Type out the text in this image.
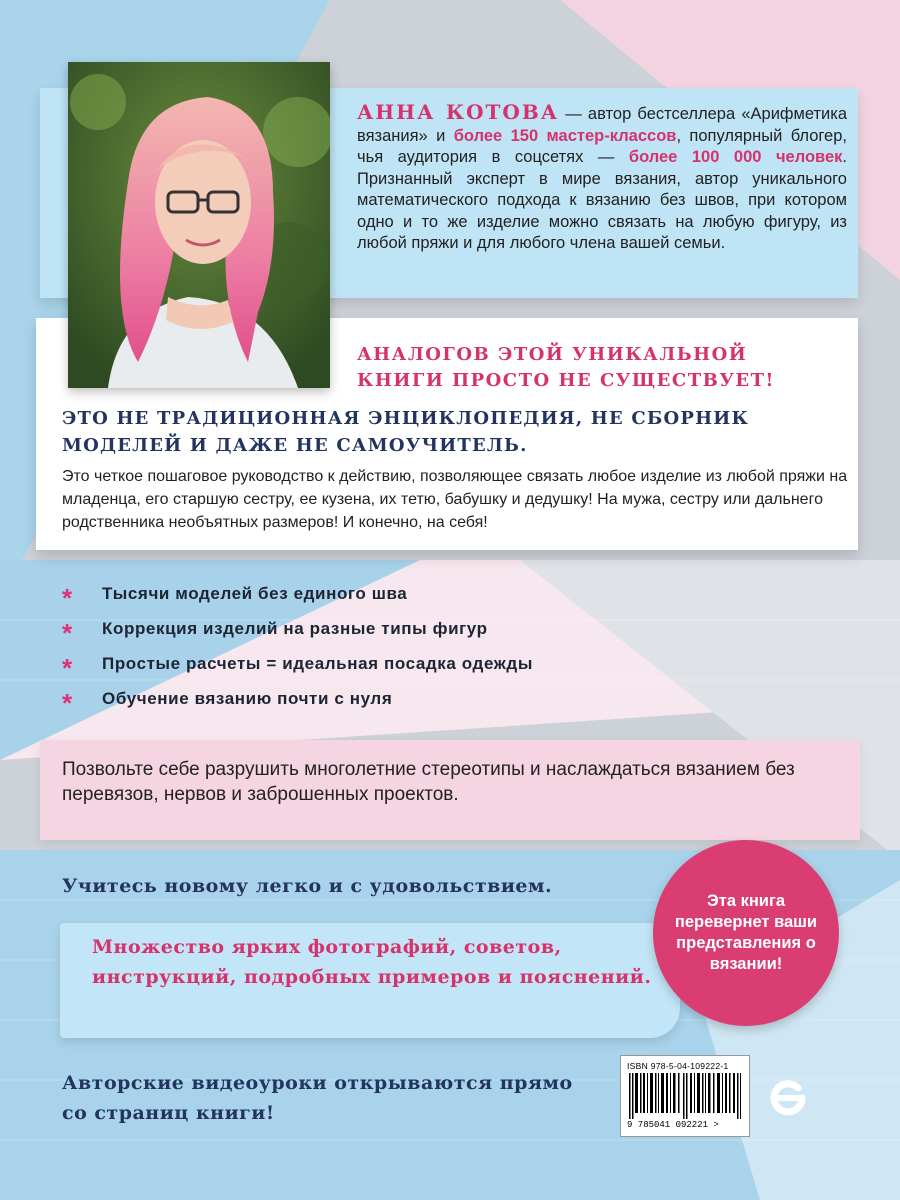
АННА КОТОВА — автор бестселлера «Арифметика вязания» и более 150 мастер-классов, популярный блогер, чья аудитория в соцсетях — более 100 000 человек. Признанный эксперт в мире вязания, автор уникального математического подхода к вязанию без швов, при котором одно и то же изделие можно связать на любую фигуру, из любой пряжи и для любого члена вашей семьи.
АНАЛОГОВ ЭТОЙ УНИКАЛЬНОЙ КНИГИ ПРОСТО НЕ СУЩЕСТВУЕТ!
ЭТО НЕ ТРАДИЦИОННАЯ ЭНЦИКЛОПЕДИЯ, НЕ СБОРНИК МОДЕЛЕЙ И ДАЖЕ НЕ САМОУЧИТЕЛЬ.
Это четкое пошаговое руководство к действию, позволяющее связать любое изделие из любой пряжи на младенца, его старшую сестру, ее кузена, их тетю, бабушку и дедушку! На мужа, сестру или дальнего родственника необъятных размеров! И конечно, на себя!
*	Тысячи моделей без единого шва
*	Коррекция изделий на разные типы фигур
*	Простые расчеты = идеальная посадка одежды
*	Обучение вязанию почти с нуля
Позвольте себе разрушить многолетние стереотипы и наслаждаться вязанием без перевязов, нервов и заброшенных проектов.
Учитесь новому легко и с удовольствием.
Множество ярких фотографий, советов, инструкций, подробных примеров и пояснений.
Авторские видеоуроки открываются прямо со страниц книги!
Эта книга перевернет ваши представления о вязании!
ISBN 978-5-04-109222-1
9 785041 092221 >
